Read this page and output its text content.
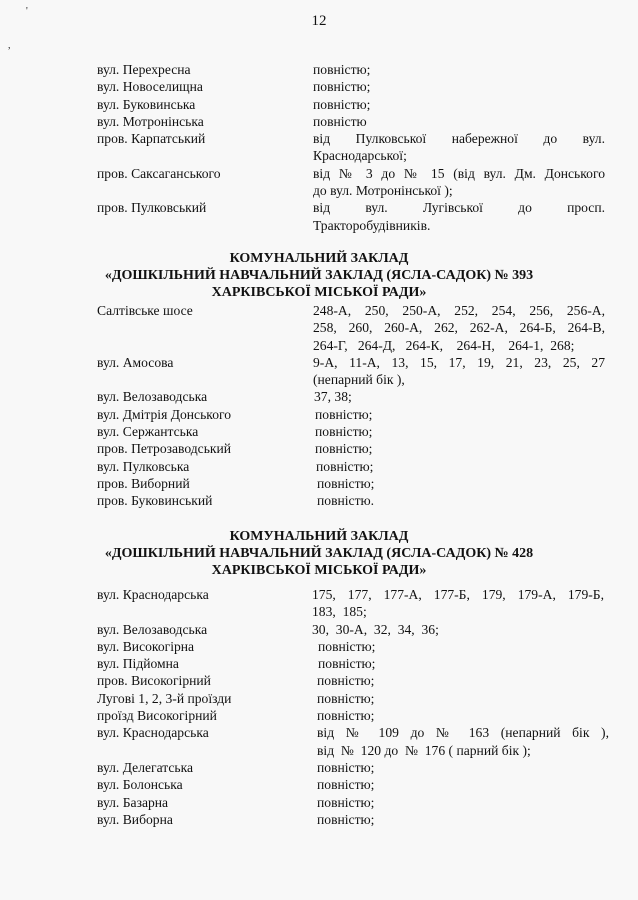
'
,
12
вул. Перехресна	повністю;
вул. Новоселищна	повністю;
вул. Буковинська	повністю;
вул. Мотронінська	повністю
пров. Карпатський	від Пулковської набережної до вул.
Краснодарської;
пров. Саксаганського	від № 3 до № 15 (від вул. Дм. Донського
до вул. Мотронінської );
пров. Пулковський	від вул. Лугівської до просп.
Тракторобудівників.
КОМУНАЛЬНИЙ ЗАКЛАД
«ДОШКІЛЬНИЙ НАВЧАЛЬНИЙ ЗАКЛАД (ЯСЛА-САДОК) № 393
ХАРКІВСЬКОЇ МІСЬКОЇ РАДИ»
Салтівське шосе	248-А, 250, 250-А, 252, 254, 256, 256-А,
258, 260, 260-А, 262, 262-А, 264-Б, 264-В,
264-Г,   264-Д,   264-К,    264-Н,    264-1,  268;
вул. Амосова	9-А, 11-А, 13, 15, 17, 19, 21, 23, 25, 27
(непарний бік ),
вул. Велозаводська	37, 38;
вул. Дмітрія Донського	повністю;
вул. Сержантська	повністю;
пров. Петрозаводський	повністю;
вул. Пулковська	повністю;
пров. Виборний	повністю;
пров. Буковинський	повністю.
КОМУНАЛЬНИЙ ЗАКЛАД
«ДОШКІЛЬНИЙ НАВЧАЛЬНИЙ ЗАКЛАД (ЯСЛА-САДОК) № 428
ХАРКІВСЬКОЇ МІСЬКОЇ РАДИ»
вул. Краснодарська	175, 177, 177-А, 177-Б, 179, 179-А, 179-Б,
183,  185;
вул. Велозаводська	30,  30-А,  32,  34,  36;
вул. Високогірна	повністю;
вул. Підйомна	повністю;
пров. Високогірний	повністю;
Лугові 1, 2, 3-й проїзди	повністю;
проїзд Високогірний	повністю;
вул. Краснодарська	від № 109 до № 163 (непарний бік ),
від  №  120 до  №  176 ( парний бік );
вул. Делегатська	повністю;
вул. Болонська	повністю;
вул. Базарна	повністю;
вул. Виборна	повністю;
